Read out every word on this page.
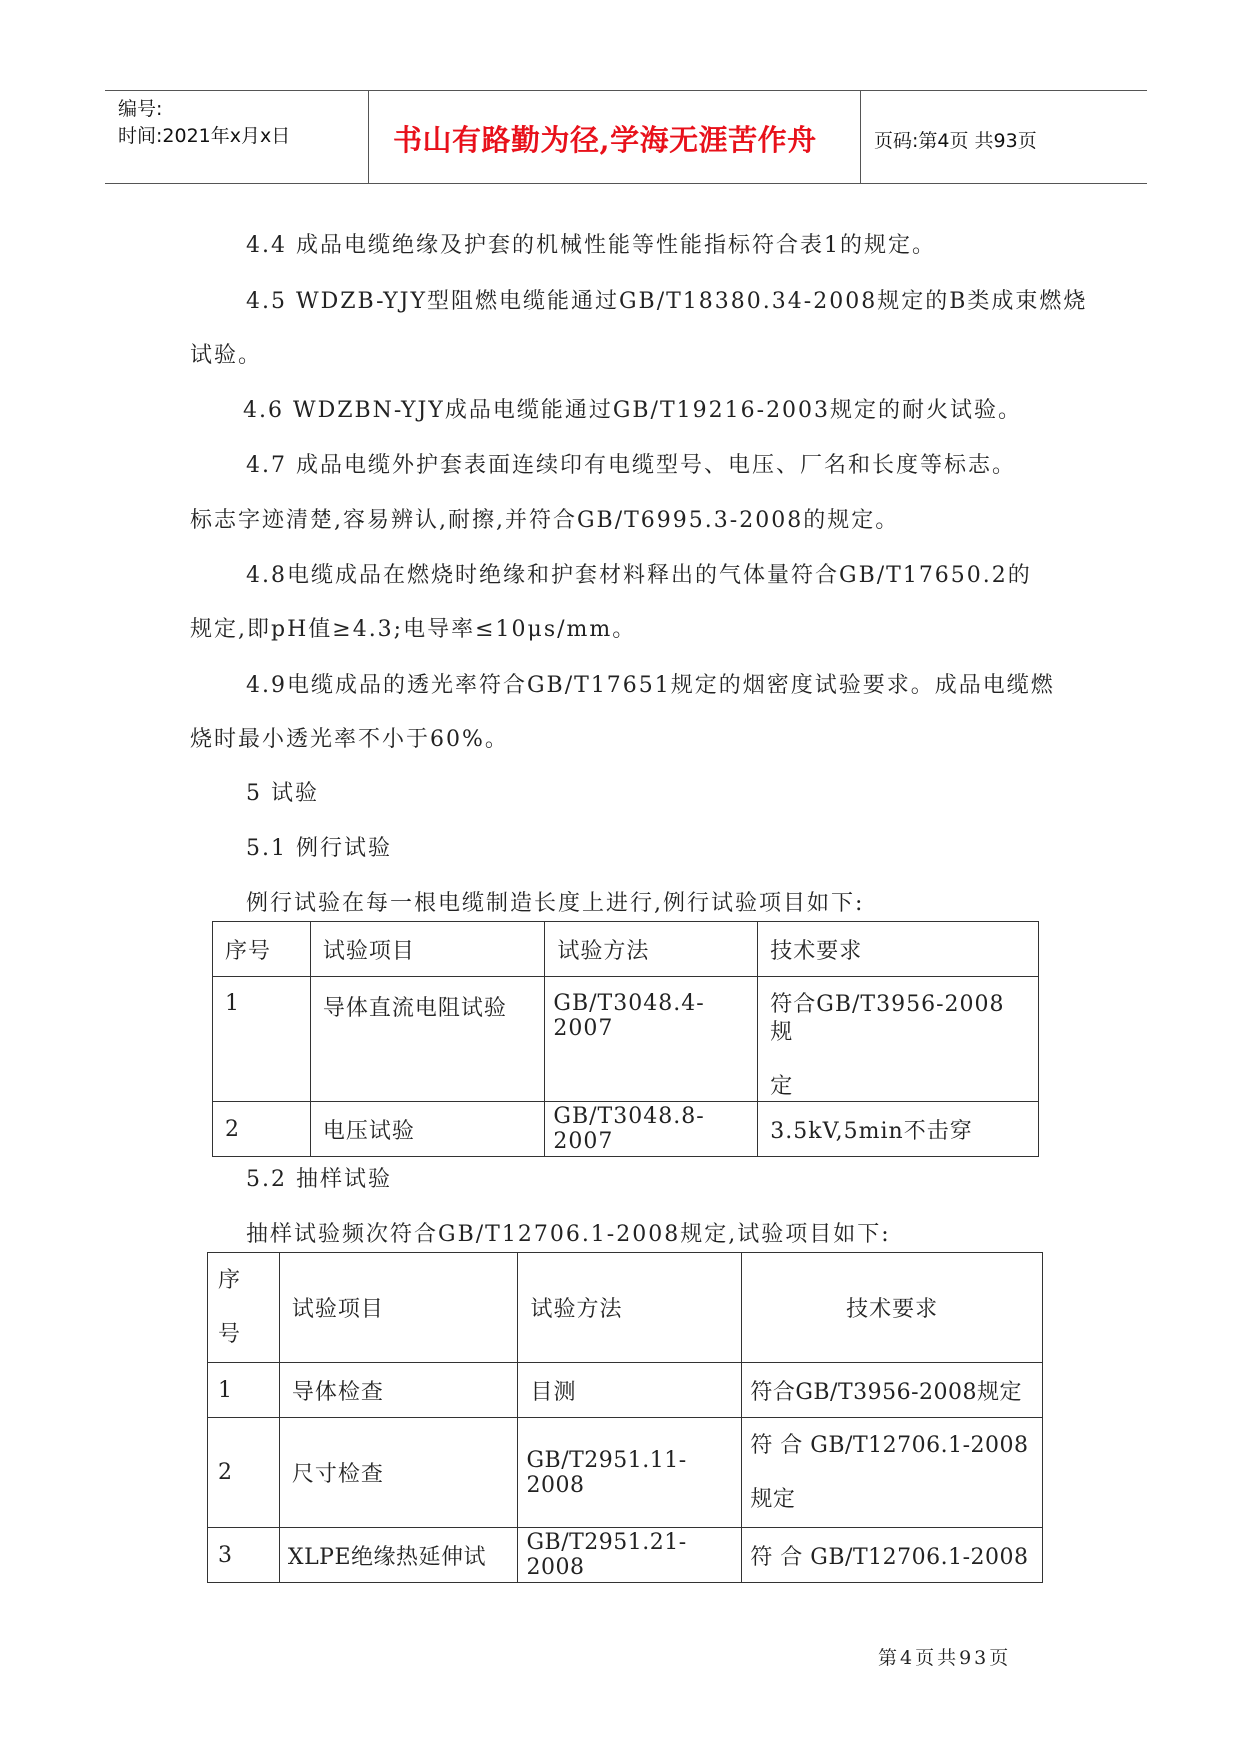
编号:
时间:2021年x月x日	书山有路勤为径,学海无涯苦作舟	页码:第4页 共93页
4.4 成品电缆绝缘及护套的机械性能等性能指标符合表1的规定。
4.5 WDZB-YJY型阻燃电缆能通过GB/T18380.34-2008规定的B类成束燃烧
试验。
4.6 WDZBN-YJY成品电缆能通过GB/T19216-2003规定的耐火试验。
4.7 成品电缆外护套表面连续印有电缆型号、电压、厂名和长度等标志。
标志字迹清楚,容易辨认,耐擦,并符合GB/T6995.3-2008的规定。
4.8电缆成品在燃烧时绝缘和护套材料释出的气体量符合GB/T17650.2的
规定,即pH值≥4.3;电导率≤10μs/mm。
4.9电缆成品的透光率符合GB/T17651规定的烟密度试验要求。成品电缆燃
烧时最小透光率不小于60%。
5 试验
5.1 例行试验
例行试验在每一根电缆制造长度上进行,例行试验项目如下:
序号	试验项目	试验方法	技术要求
1	导体直流电阻试验	GB/T3048.4-2007	符合GB/T3956-2008规
定

2	电压试验	GB/T3048.8-2007	3.5kV,5min不击穿
5.2 抽样试验
抽样试验频次符合GB/T12706.1-2008规定,试验项目如下:
序
号	试验项目	试验方法	技术要求
1	导体检查	目测	符合GB/T3956-2008规定
2	尺寸检查	GB/T2951.11-2008	符 合 GB/T12706.1-2008
规定

3	XLPE绝缘热延伸试	GB/T2951.21-2008	符 合 GB/T12706.1-2008
第4页共93页
